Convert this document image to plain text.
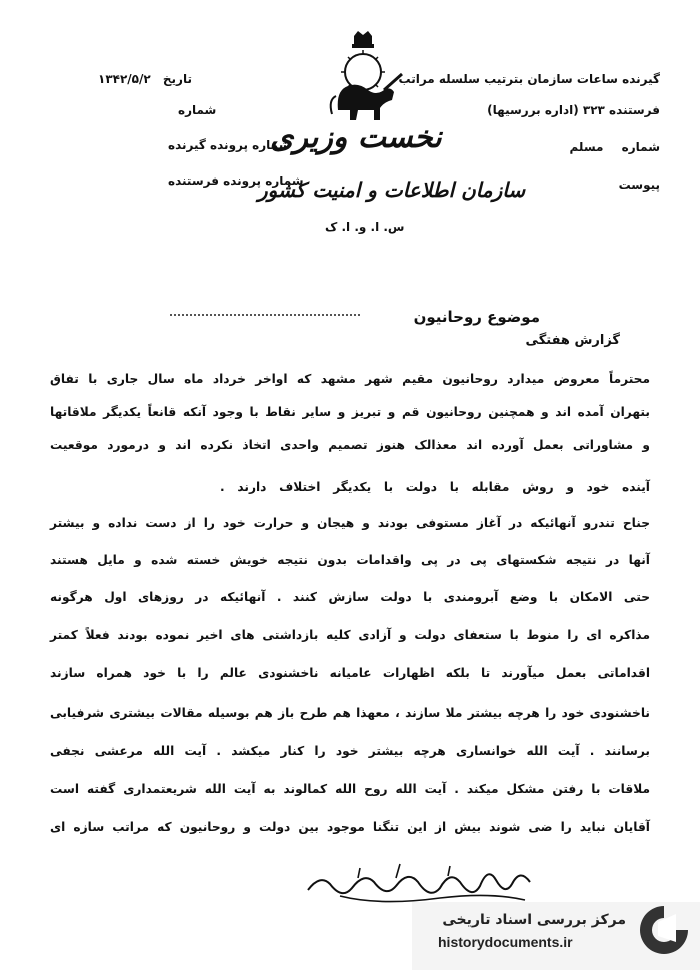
گیرنده ساعات سازمان بترتیب سلسله مراتب
فرستنده ۳۲۳ (اداره بررسیها)
شماره مسلم
پیوست
تاریخ ۱۳۴۲/۵/۲
شماره
شماره پرونده گیرنده
شماره پرونده فرستنده
نخست وزیری
سازمان اطلاعات و امنیت کشور
س. ا. و. ا. ک
موضوع روحانیون
گزارش هفتگی
محترماً معروض میدارد روحانیون مقیم شهر مشهد که اواخر خرداد ماه سال جاری با تفاق
بتهران آمده اند و همچنین روحانیون قم و تبریز و سایر نقاط با وجود آنکه قانعاً یکدیگر ملاقاتها
و مشاوراتی بعمل آورده اند معذالک هنوز تصمیم واحدی اتخاذ نکرده اند و درمورد موقعیت
آینده خود و روش مقابله با دولت با یکدیگر اختلاف دارند .
جناح تندرو آنهائیکه در آغاز مستوفی بودند و هیجان و حرارت خود را از دست نداده و بیشتر
آنها در نتیجه شکستهای پی در پی واقدامات بدون نتیجه خویش خسته شده و مایل هستند
حتی الامکان با وضع آبرومندی با دولت سازش کنند . آنهائیکه در روزهای اول هرگونه
مذاکره ای را منوط با ستعفای دولت و آزادی کلیه بازداشتی های اخیر نموده بودند فعلاً کمتر
اقداماتی بعمل میآورند تا بلکه اظهارات عامیانه ناخشنودی عالم را با خود همراه سازند
ناخشنودی خود را هرچه بیشتر ملا سازند ، معهذا هم طرح باز هم بوسیله مقالات بیشتری شرفیابی
برسانند . آیت الله خوانساری هرچه بیشتر خود را کنار میکشد . آیت الله مرعشی نجفی
ملاقات با رفتن مشکل میکند . آیت الله روح الله کمالوند به آیت الله شریعتمداری گفته است
آقایان نباید را ضی شوند بیش از این تنگنا موجود بین دولت و روحانیون که مراتب سازه ای
مرکز بررسی اسناد تاریخی
historydocuments.ir
